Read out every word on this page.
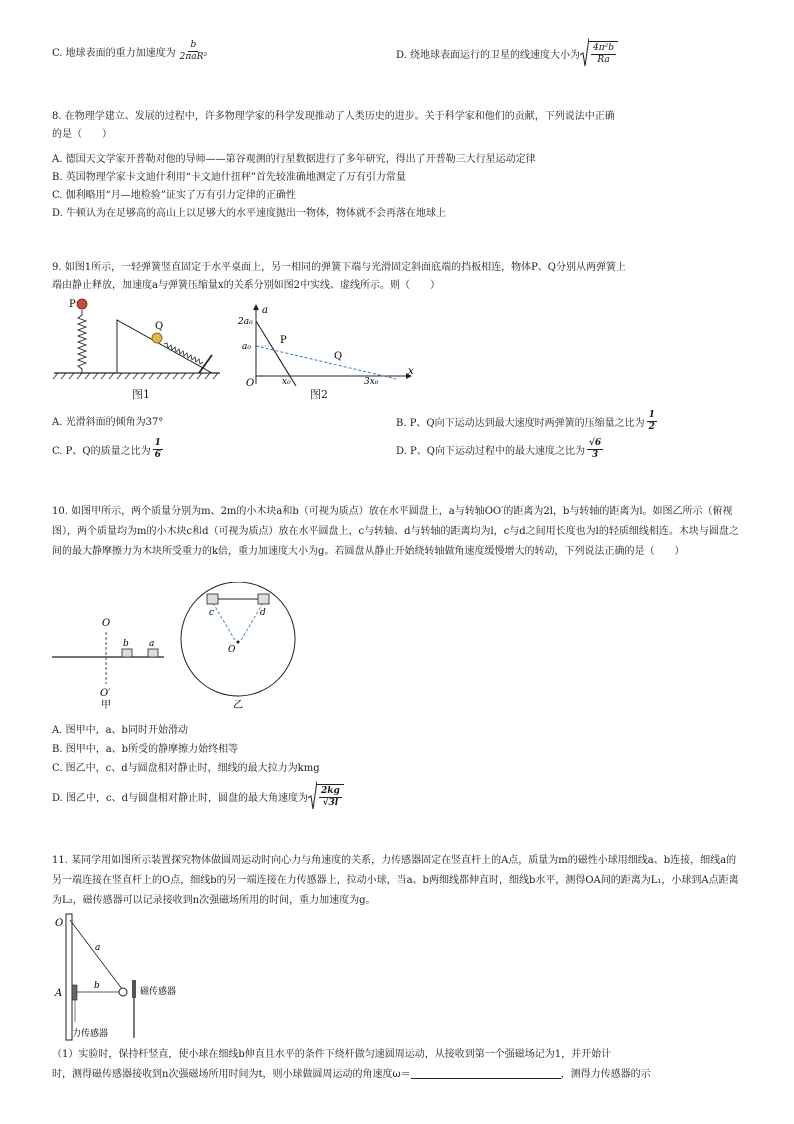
C. 地球表面的重力加速度为 $\frac{b}{\text{2πaR²}}$	D. 绕地球表面运行的卫星的线速度大小为 $\frac{\text{4π²b}}{Ra}$
8. 在物理学建立、发展的过程中，许多物理学家的科学发现推动了人类历史的进步。关于科学家和他们的贡献，下列说法中正确
的是（　　）
A. 德国天文学家开普勒对他的导师——第谷观测的行星数据进行了多年研究，得出了开普勒三大行星运动定律
B. 英国物理学家卡文迪什利用“卡文迪什扭秤”首先较准确地测定了万有引力常量
C. 伽利略用“月—地检验”证实了万有引力定律的正确性
D. 牛顿认为在足够高的高山上以足够大的水平速度抛出一物体，物体就不会再落在地球上
9. 如图1所示，一轻弹簧竖直固定于水平桌面上，另一相同的弹簧下端与光滑固定斜面底端的挡板相连，物体P、Q分别从两弹簧上
端由静止释放，加速度a与弹簧压缩量x的关系分别如图2中实线、虚线所示。则（　　）
P
Q
图1
a
x
O
2a₀
a₀
P
Q
x₀	3x₀
图2
A. 光滑斜面的倾角为37°	B. P、Q向下运动达到最大速度时两弹簧的压缩量之比为 $\frac{1}{2}$
C. P、Q的质量之比为 $\frac{1}{6}$	D. P、Q向下运动过程中的最大速度之比为 $\frac{√6}{3}$
10. 如图甲所示，两个质量分别为m、2m的小木块a和b（可视为质点）放在水平圆盘上，a与转轴OO′的距离为2l，b与转轴的距离为l。如图乙所示（俯视图），两个质量均为m的小木块c和d（可视为质点）放在水平圆盘上，c与转轴、d与转轴的距离均为l，c与d之间用长度也为l的轻质细线相连。木块与圆盘之间的最大静摩擦力为木块所受重力的k倍，重力加速度大小为g。若圆盘从静止开始绕转轴做角速度缓慢增大的转动，下列说法正确的是（　　）
O
O′
b a
甲
c	d
O
乙
A. 图甲中，a、b同时开始滑动
B. 图甲中，a、b所受的静摩擦力始终相等
C. 图乙中，c、d与圆盘相对静止时，细线的最大拉力为kmg
D. 图乙中，c、d与圆盘相对静止时，圆盘的最大角速度为 $\frac{2kg}{√3l}$
11. 某同学用如图所示装置探究物体做圆周运动时向心力与角速度的关系，力传感器固定在竖直杆上的A点，质量为m的磁性小球用细线a、b连接，细线a的另一端连接在竖直杆上的O点，细线b的另一端连接在力传感器上，拉动小球，当a、b两细线都伸直时，细线b水平，测得OA间的距离为L₁，小球到A点距离为L₂，磁传感器可以记录接收到n次强磁场所用的时间，重力加速度为g。
O
A
a
b
磁传感器
力传感器
（1）实验时，保持杆竖直，使小球在细线b伸直且水平的条件下绕杆做匀速圆周运动，从接收到第一个强磁场记为1，并开始计
时，测得磁传感器接收到n次强磁场所用时间为t，则小球做圆周运动的角速度ω＝	，测得力传感器的示
